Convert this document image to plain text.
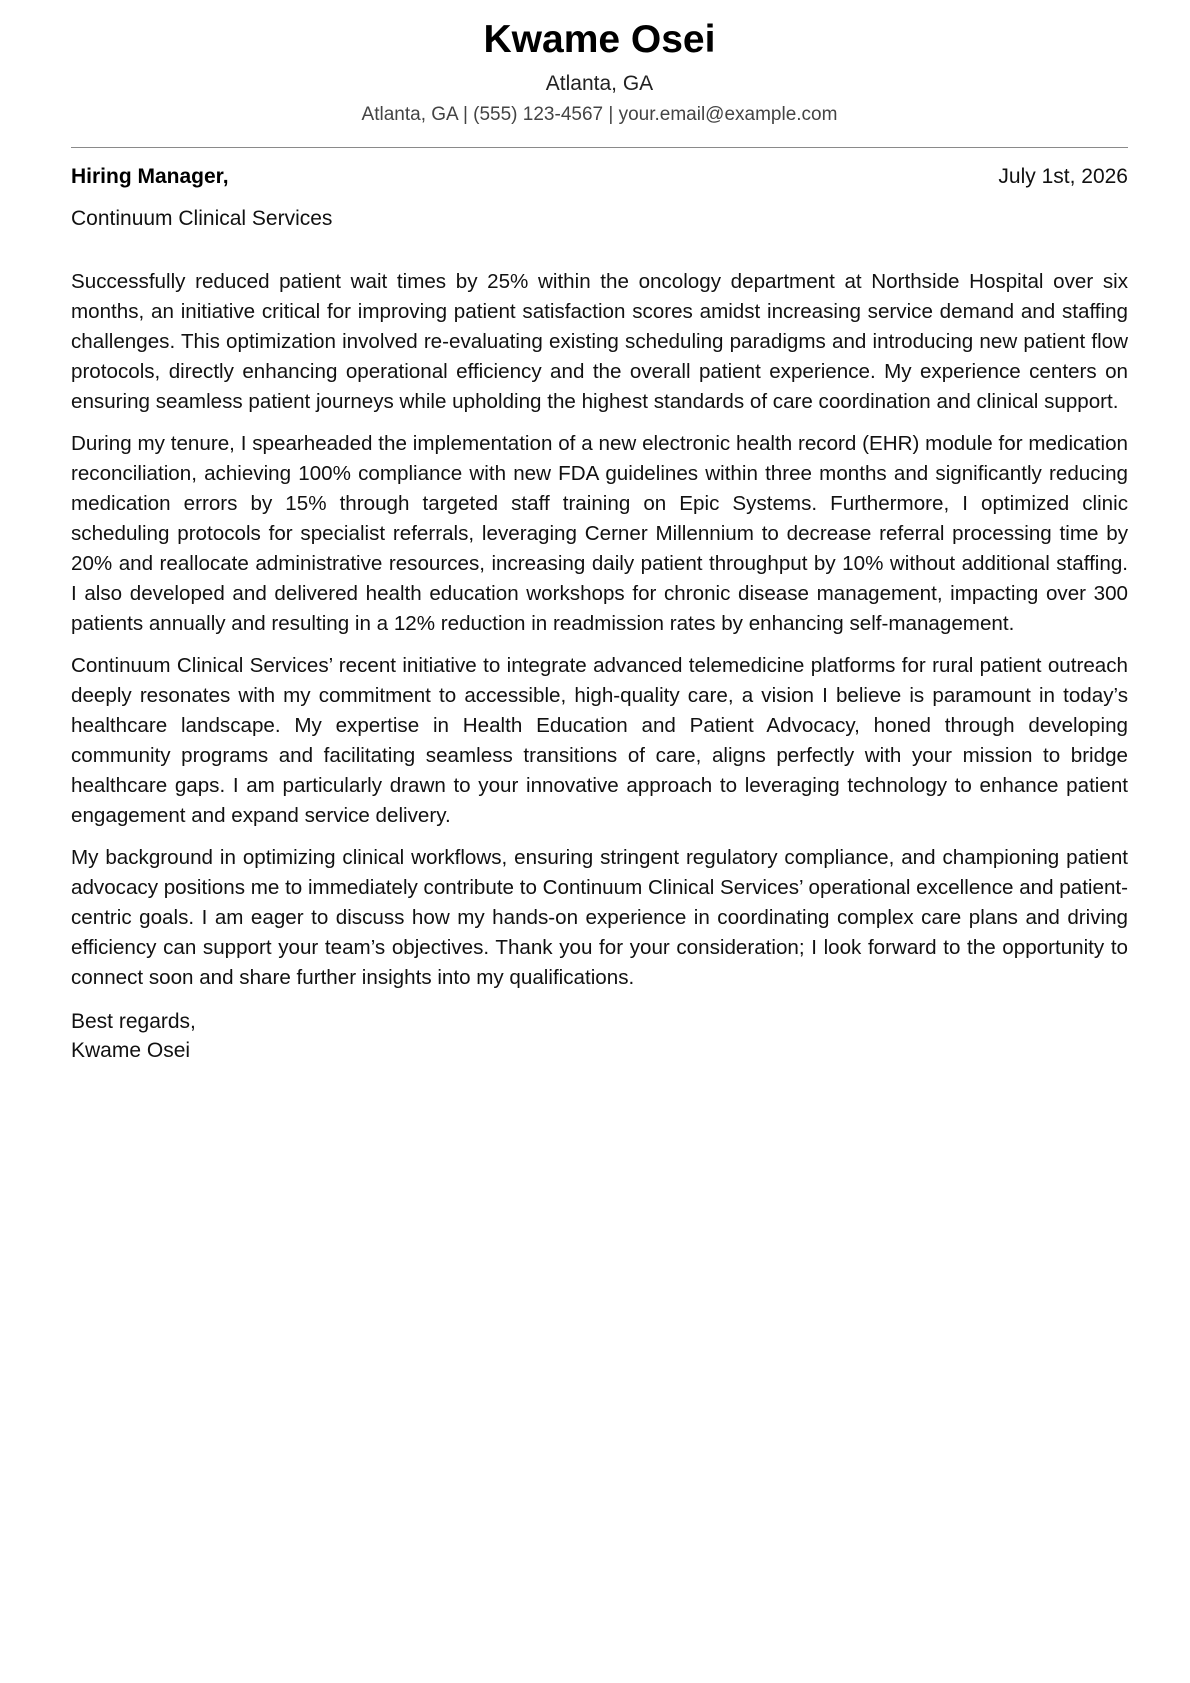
Kwame Osei
Atlanta, GA
Atlanta, GA | (555) 123-4567 | your.email@example.com
Hiring Manager,	July 1st, 2026
Continuum Clinical Services

Successfully reduced patient wait times by 25% within the oncology department at Northside Hospital over six months, an initiative critical for improving patient satisfaction scores amidst increasing service demand and staffing challenges. This optimization involved re-evaluating existing scheduling paradigms and introducing new patient flow protocols, directly enhancing operational efficiency and the overall patient experience. My experience centers on ensuring seamless patient journeys while upholding the highest standards of care coordination and clinical support.

During my tenure, I spearheaded the implementation of a new electronic health record (EHR) module for medication reconciliation, achieving 100% compliance with new FDA guidelines within three months and significantly reducing medication errors by 15% through targeted staff training on Epic Systems. Furthermore, I optimized clinic scheduling protocols for specialist referrals, leveraging Cerner Millennium to decrease referral processing time by 20% and reallocate administrative resources, increasing daily patient throughput by 10% without additional staffing. I also developed and delivered health education workshops for chronic disease management, impacting over 300 patients annually and resulting in a 12% reduction in readmission rates by enhancing self-management.

Continuum Clinical Services’ recent initiative to integrate advanced telemedicine platforms for rural patient outreach deeply resonates with my commitment to accessible, high-quality care, a vision I believe is paramount in today’s healthcare landscape. My expertise in Health Education and Patient Advocacy, honed through developing community programs and facilitating seamless transitions of care, aligns perfectly with your mission to bridge healthcare gaps. I am particularly drawn to your innovative approach to leveraging technology to enhance patient engagement and expand service delivery.

My background in optimizing clinical workflows, ensuring stringent regulatory compliance, and championing patient advocacy positions me to immediately contribute to Continuum Clinical Services’ operational excellence and patient-centric goals. I am eager to discuss how my hands-on experience in coordinating complex care plans and driving efficiency can support your team’s objectives. Thank you for your consideration; I look forward to the opportunity to connect soon and share further insights into my qualifications.

Best regards,
Kwame Osei
